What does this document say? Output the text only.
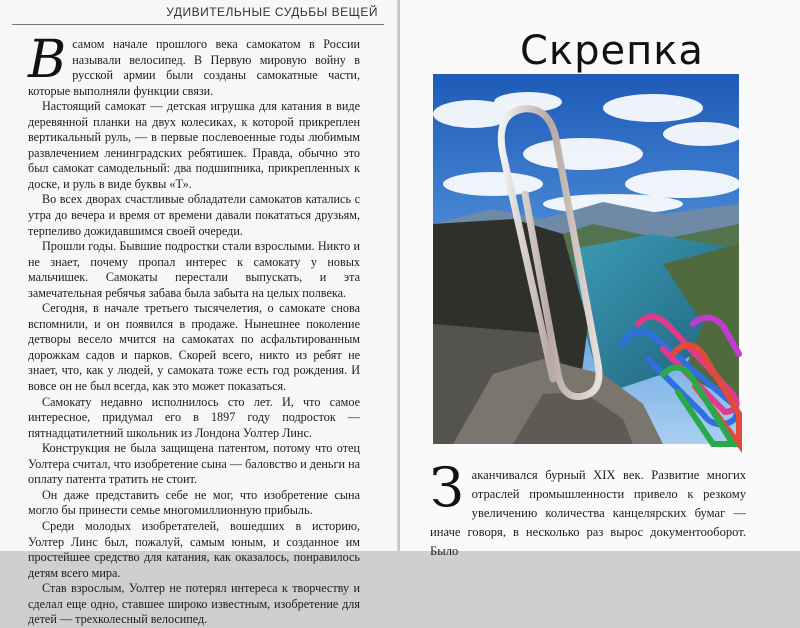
УДИВИТЕЛЬНЫЕ СУДЬБЫ ВЕЩЕЙ

Всамом начале прошлого века самокатом в России называли велосипед. В Первую мировую войну в русской армии были созданы самокатные части, которые выполняли функции связи.

Настоящий самокат — детская игрушка для катания в виде деревянной планки на двух колесиках, к которой прикреплен вертикальный руль, — в первые послевоенные годы любимым развлечением ленинградских ребятишек. Правда, обычно это был самокат самодельный: два подшипника, прикрепленных к доске, и руль в виде буквы «Т».

Во всех дворах счастливые обладатели самокатов катались с утра до вечера и время от времени давали покататься друзьям, терпеливо дожидавшимся своей очереди.

Прошли годы. Бывшие подростки стали взрослыми. Никто и не знает, почему пропал интерес к самокату у новых мальчишек. Самокаты перестали выпускать, и эта замечательная ребячья забава была забыта на целых полвека.

Сегодня, в начале третьего тысячелетия, о самокате снова вспомнили, и он появился в продаже. Нынешнее поколение детворы весело мчится на самокатах по асфальтированным дорожкам садов и парков. Скорей всего, никто из ребят не знает, что, как у людей, у самоката тоже есть год рождения. И вовсе он не был всегда, как это может показаться.

Самокату недавно исполнилось сто лет. И, что самое интересное, придумал его в 1897 году подросток — пятнадцатилетний школьник из Лондона Уолтер Линс.

Конструкция не была защищена патентом, потому что отец Уолтера считал, что изобретение сына — баловство и деньги на оплату патента тратить не стоит.

Он даже представить себе не мог, что изобретение сына могло бы принести семье многомиллионную прибыль.

Среди молодых изобретателей, вошедших в историю, Уолтер Линс был, пожалуй, самым юным, и созданное им простейшее средство для катания, как оказалось, понравилось детям всего мира.

Став взрослым, Уолтер не потерял интереса к творчеству и сделал еще одно, ставшее широко известным, изобретение для детей — трехколесный велосипед.

Скрепка
Заканчивался бурный XIX век. Развитие многих отраслей промышленности привело к резкому увеличению количества канцелярских бумаг — иначе говоря, в несколько раз вырос документооборот. Было
